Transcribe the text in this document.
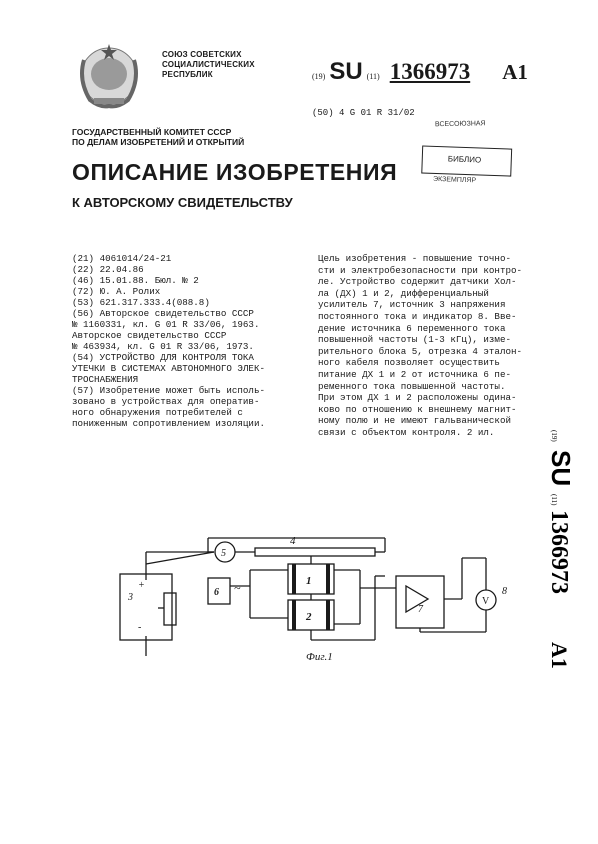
СОЮЗ СОВЕТСКИХ
СОЦИАЛИСТИЧЕСКИХ
РЕСПУБЛИК	(19) SU (11) 1366973 A1
(50) 4 G 01 R 31/02
ВСЕСОЮЗНАЯ
БИБЛИО
ЭКЗЕМПЛЯР
ГОСУДАРСТВЕННЫЙ КОМИТЕТ СССР
ПО ДЕЛАМ ИЗОБРЕТЕНИЙ И ОТКРЫТИЙ
ОПИСАНИЕ ИЗОБРЕТЕНИЯ
К АВТОРСКОМУ СВИДЕТЕЛЬСТВУ
(21) 4061014/24-21
(22) 22.04.86
(46) 15.01.88. Бюл. № 2
(72) Ю. А. Ролих
(53) 621.317.333.4(088.8)
(56) Авторское свидетельство СССР
№ 1160331, кл. G 01 R 33/06, 1963.
Авторское свидетельство СССР
№ 463934, кл. G 01 R 33/06, 1973.
(54) УСТРОЙСТВО ДЛЯ КОНТРОЛЯ ТОКА
УТЕЧКИ В СИСТЕМАХ АВТОНОМНОГО ЭЛЕК-
ТРОСНАБЖЕНИЯ
(57) Изобретение может быть исполь-
зовано в устройствах для оператив-
ного обнаружения потребителей с
пониженным сопротивлением изоляции.
Цель изобретения - повышение точно-
сти и электробезопасности при контро-
ле. Устройство содержит датчики Хол-
ла (ДХ) 1 и 2, дифференциальный
усилитель 7, источник 3 напряжения
постоянного тока и индикатор 8. Вве-
дение источника 6 переменного тока
повышенной частоты (1-3 кГц), изме-
рительного блока 5, отрезка 4 эталон-
ного кабеля позволяет осуществить
питание ДХ 1 и 2 от источника 6 пе-
ременного тока повышенной частоты.
При этом ДХ 1 и 2 расположены одина-
ково по отношению к внешнему магнит-
ному полю и не имеют гальванической
связи с объектом контроля. 2 ил.	(19)
SU
(11)
1366973
A1
1
2
4
5
6 ~
7
V
8
3
+
-
Фиг.1
